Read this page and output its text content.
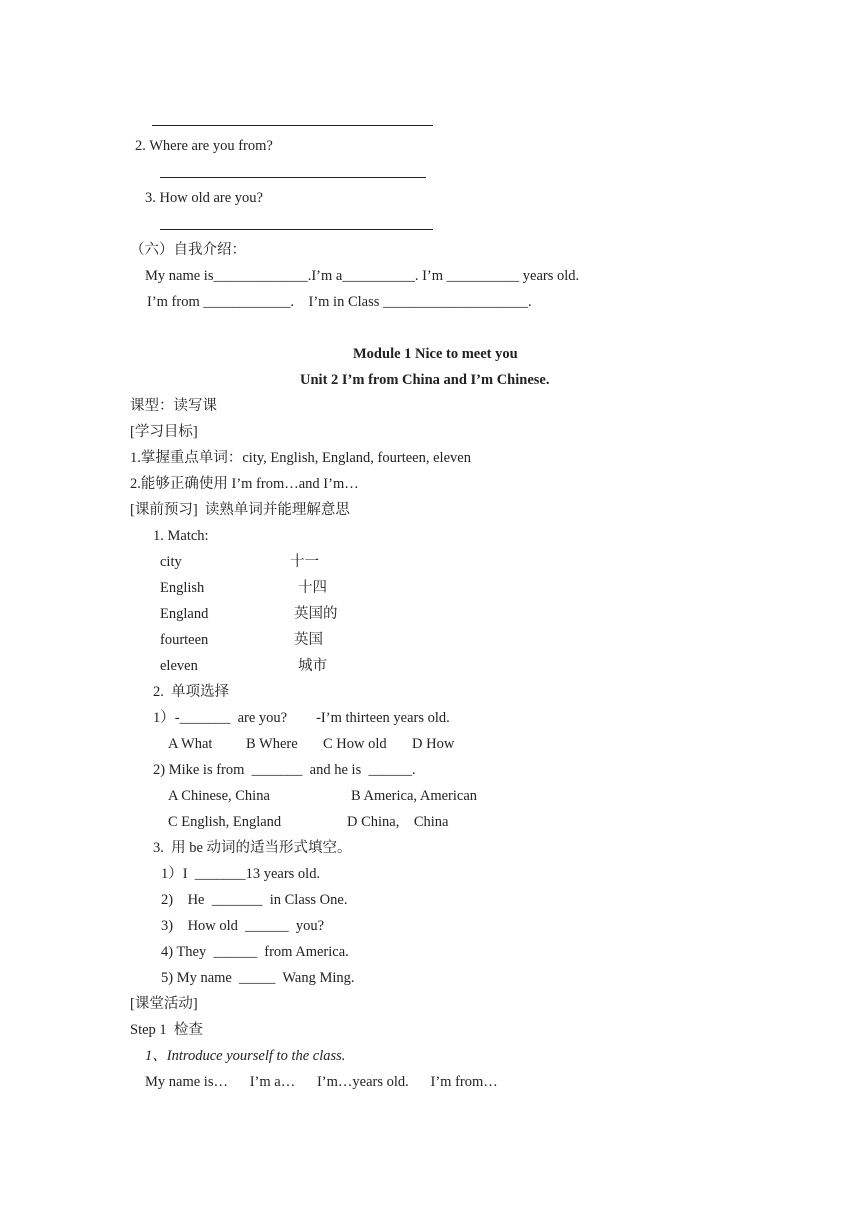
2. Where are you from?
3. How old are you?
（六）自我介绍：
My name is_____________.I’m a__________. I’m __________ years old.
I’m from ____________.    I’m in Class ____________________.
Module 1 Nice to meet you
Unit 2 I’m from China and I’m Chinese.
课型：读写课
[学习目标]
1.掌握重点单词：city, English, England, fourteen, eleven
2.能够正确使用 I’m from…and I’m…
[课前预习]  读熟单词并能理解意思
1. Match:
city	十一
English	十四
England	英国的
fourteen	英国
eleven	城市
2.  单项选择
1）-_______  are you?        -I’m thirteen years old.
A What B Where C How old D How
2) Mike is from  _______  and he is  ______.
A Chinese, China	B America, American
C English, England	D China,    China
3.  用 be 动词的适当形式填空。
1）I  _______13 years old.
2)    He  _______  in Class One.
3)    How old  ______  you?
4) They  ______  from America.
5) My name  _____  Wang Ming.
[课堂活动]
Step 1  检查
1、Introduce yourself to the class.
My name is…      I’m a…      I’m…years old.      I’m from…
